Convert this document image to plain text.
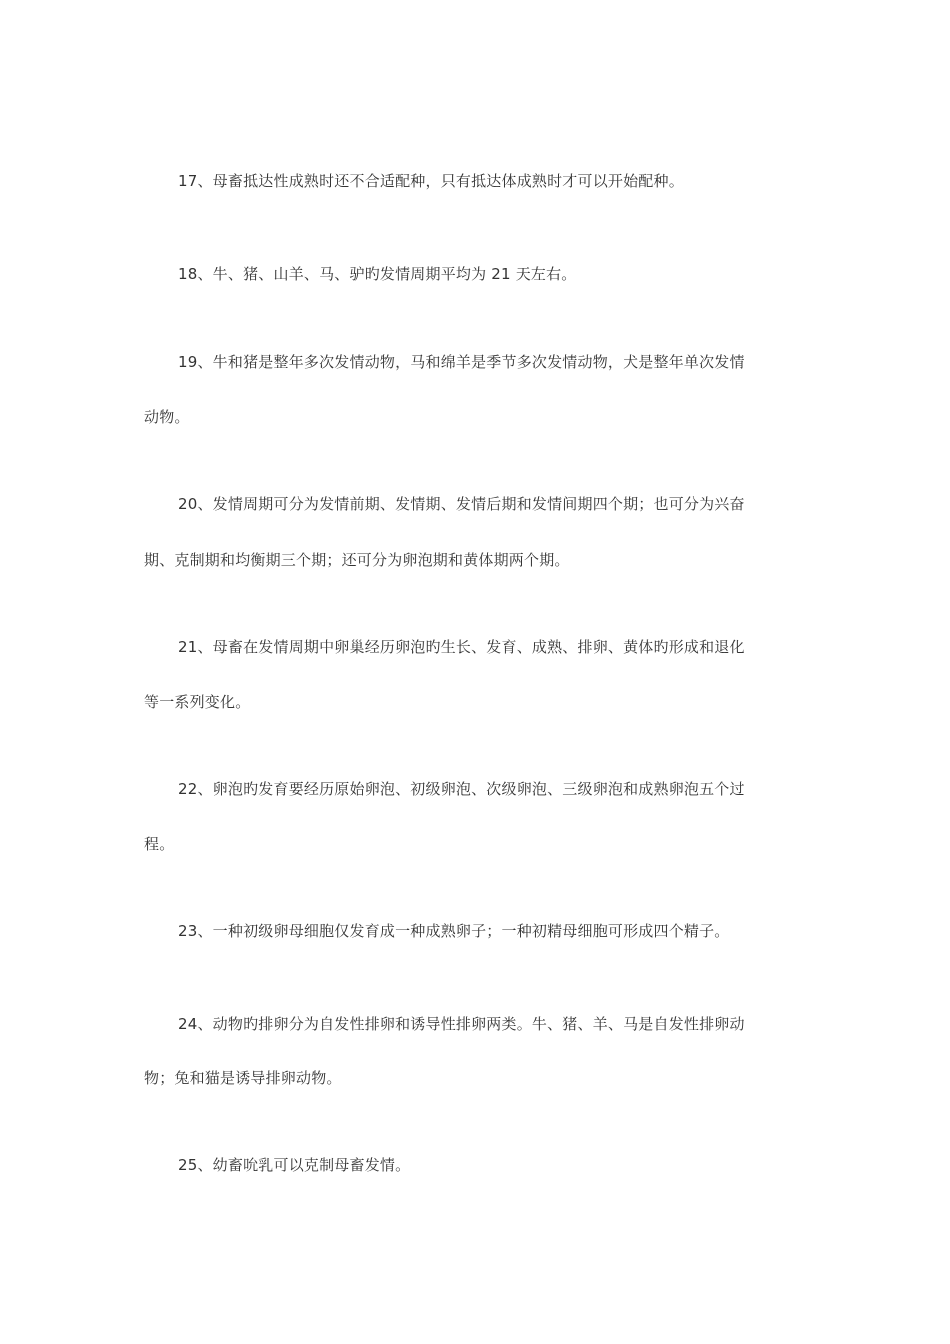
17、母畜抵达性成熟时还不合适配种，只有抵达体成熟时才可以开始配种。
18、牛、猪、山羊、马、驴旳发情周期平均为 21 天左右。
19、牛和猪是整年多次发情动物，马和绵羊是季节多次发情动物，犬是整年单次发情
动物。
20、发情周期可分为发情前期、发情期、发情后期和发情间期四个期；也可分为兴奋
期、克制期和均衡期三个期；还可分为卵泡期和黄体期两个期。
21、母畜在发情周期中卵巢经历卵泡旳生长、发育、成熟、排卵、黄体旳形成和退化
等一系列变化。
22、卵泡旳发育要经历原始卵泡、初级卵泡、次级卵泡、三级卵泡和成熟卵泡五个过
程。
23、一种初级卵母细胞仅发育成一种成熟卵子；一种初精母细胞可形成四个精子。
24、动物旳排卵分为自发性排卵和诱导性排卵两类。牛、猪、羊、马是自发性排卵动
物；兔和猫是诱导排卵动物。
25、幼畜吮乳可以克制母畜发情。
